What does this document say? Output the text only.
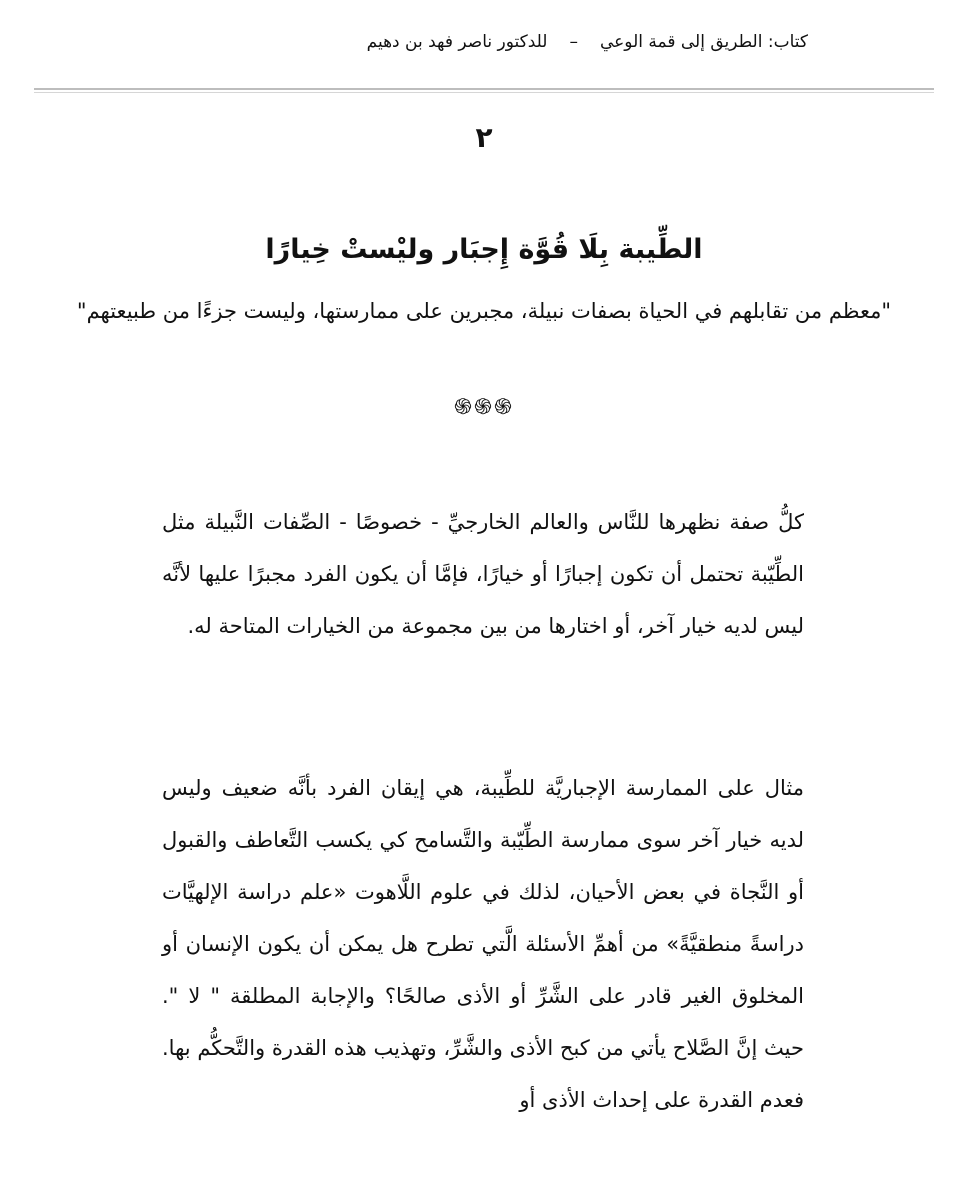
كتاب: الطريق إلى قمة الوعي–للدكتور ناصر فهد بن دهيم
٢
الطِّيبة بِلَا قُوَّة إِجبَار وليْستْ خِيارًا
"معظم من تقابلهم في الحياة بصفات نبيلة، مجبرين على ممارستها، وليست جزءًا من طبيعتهم"
֍֍֍

كلُّ صفة نظهرها للنَّاس والعالم الخارجيِّ - خصوصًا - الصِّفات النَّبيلة مثل الطِّيّبة تحتمل أن تكون إجبارًا أو خيارًا، فإمَّا أن يكون الفرد مجبرًا عليها لأنَّه ليس لديه خيار آخر، أو اختارها من بين مجموعة من الخيارات المتاحة له.

مثال على الممارسة الإجباريَّة للطِّيبة، هي إيقان الفرد بأنَّه ضعيف وليس لديه خيار آخر سوى ممارسة الطِّيّبة والتَّسامح كي يكسب التَّعاطف والقبول أو النَّجاة في بعض الأحيان، لذلك في علوم اللَّاهوت «علم دراسة الإلهيَّات دراسةً منطقيَّةً» من أهمِّ الأسئلة الَّتي تطرح هل يمكن أن يكون الإنسان أو المخلوق الغير قادر على الشَّرِّ أو الأذى صالحًا؟ والإجابة المطلقة " لا ". حيث إنَّ الصَّلاح يأتي من كبح الأذى والشَّرِّ، وتهذيب هذه القدرة والتَّحكُّم بها. فعدم القدرة على إحداث الأذى أو
